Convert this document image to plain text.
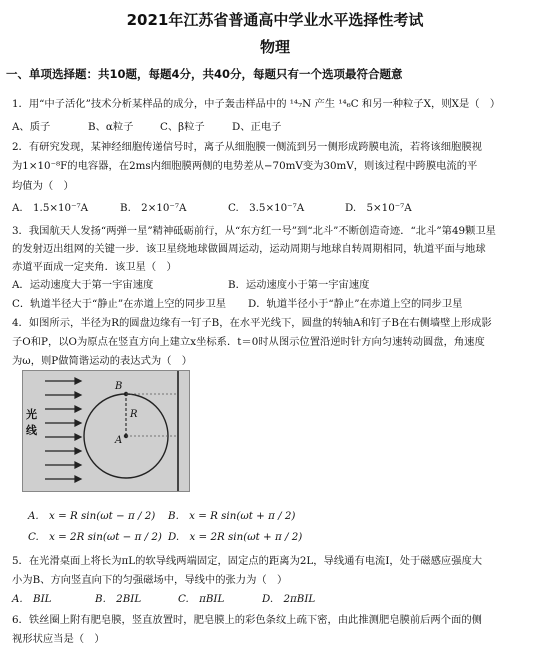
2021年江苏省普通高中学业水平选择性考试
物理
一、单项选择题：共10题，每题4分，共40分，每题只有一个选项最符合题意
1．用“中子活化”技术分析某样品的成分，中子轰击样品中的 ¹⁴₇N 产生 ¹⁴₆C 和另一种粒子X，则X是（　）
A、质子	B、α粒子	C、β粒子	D、正电子
2．有研究发现，某神经细胞传递信号时，离子从细胞膜一侧流到另一侧形成跨膜电流，若将该细胞膜视
为1×10⁻⁸F的电容器，在2ms内细胞膜两侧的电势差从−70mV变为30mV，则该过程中跨膜电流的平
均值为（　）
A.　1.5×10⁻⁷A	B.　2×10⁻⁷A	C.　3.5×10⁻⁷A	D.　5×10⁻⁷A
3．我国航天人发扬“两弹一星”精神砥砺前行，从“东方红一号”到“北斗”不断创造奇迹．“北斗”第49颗卫星
的发射迈出组网的关键一步．该卫星绕地球做圆周运动，运动周期与地球自转周期相同，轨道平面与地球
赤道平面成一定夹角．该卫星（　）
A．运动速度大于第一宇宙速度	B．运动速度小于第一宇宙速度
C．轨道半径大于“静止”在赤道上空的同步卫星 D．轨道半径小于“静止”在赤道上空的同步卫星
4．如图所示，半径为R的圆盘边缘有一钉子B，在水平光线下，圆盘的转轴A和钉子B在右侧墙壁上形成影
子O和P，以O为原点在竖直方向上建立x坐标系．t＝0时从图示位置沿逆时针方向匀速转动圆盘，角速度
为ω，则P做简谐运动的表达式为（　）
光线
A
B
R
A.　x = R sin(ωt − π / 2) B.　x = R sin(ωt + π / 2)
C.　x = 2R sin(ωt − π / 2) D.　x = 2R sin(ωt + π / 2)
5．在光滑桌面上将长为πL的软导线两端固定，固定点的距离为2L，导线通有电流I，处于磁感应强度大
小为B、方向竖直向下的匀强磁场中，导线中的张力为（　）
A.　BIL	B.　2BIL	C.　πBIL	D.　2πBIL
6．铁丝圈上附有肥皂膜，竖直放置时，肥皂膜上的彩色条纹上疏下密，由此推测肥皂膜前后两个面的侧
视形状应当是（　）
